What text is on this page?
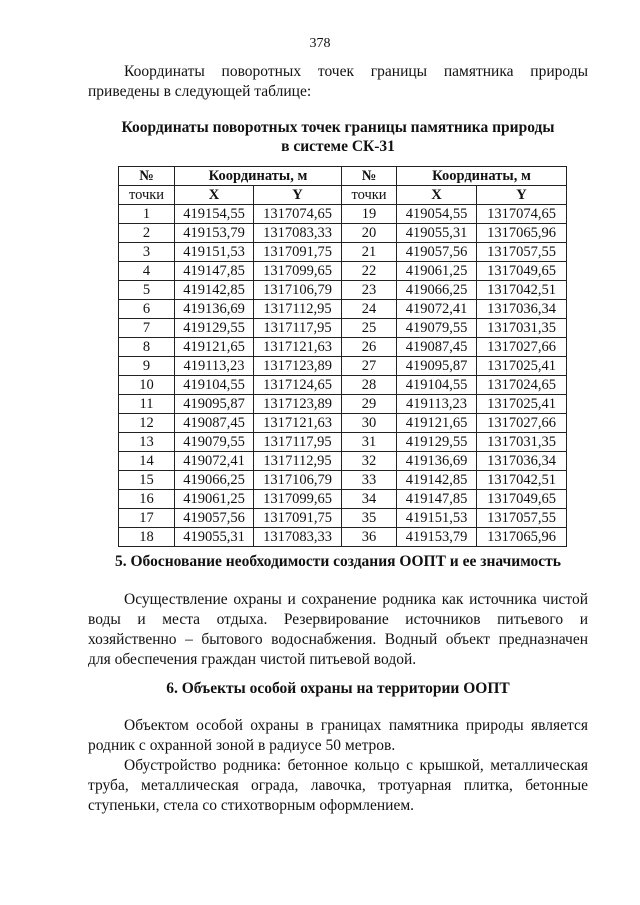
378

Координаты поворотных точек границы памятника природы
приведены в следующей таблице:

Координаты поворотных точек границы памятника природы
в системе СК-31
№	Координаты, м		№	Координаты, м	
точки	X	Y	точки	X	Y
1	419154,55	1317074,65	19	419054,55	1317074,65
2	419153,79	1317083,33	20	419055,31	1317065,96
3	419151,53	1317091,75	21	419057,56	1317057,55
4	419147,85	1317099,65	22	419061,25	1317049,65
5	419142,85	1317106,79	23	419066,25	1317042,51
6	419136,69	1317112,95	24	419072,41	1317036,34
7	419129,55	1317117,95	25	419079,55	1317031,35
8	419121,65	1317121,63	26	419087,45	1317027,66
9	419113,23	1317123,89	27	419095,87	1317025,41
10	419104,55	1317124,65	28	419104,55	1317024,65
11	419095,87	1317123,89	29	419113,23	1317025,41
12	419087,45	1317121,63	30	419121,65	1317027,66
13	419079,55	1317117,95	31	419129,55	1317031,35
14	419072,41	1317112,95	32	419136,69	1317036,34
15	419066,25	1317106,79	33	419142,85	1317042,51
16	419061,25	1317099,65	34	419147,85	1317049,65
17	419057,56	1317091,75	35	419151,53	1317057,55
18	419055,31	1317083,33	36	419153,79	1317065,96
5. Обоснование необходимости создания ООПТ и ее значимость

Осуществление охраны и сохранение родника как источника чистой
воды и места отдыха. Резервирование источников питьевого и
хозяйственно – бытового водоснабжения. Водный объект предназначен
для обеспечения граждан чистой питьевой водой.

6. Объекты особой охраны на территории ООПТ

Объектом особой охраны в границах памятника природы является
родник с охранной зоной в радиусе 50 метров.

Обустройство родника: бетонное кольцо с крышкой, металлическая
труба, металлическая ограда, лавочка, тротуарная плитка, бетонные
ступеньки, стела со стихотворным оформлением.
